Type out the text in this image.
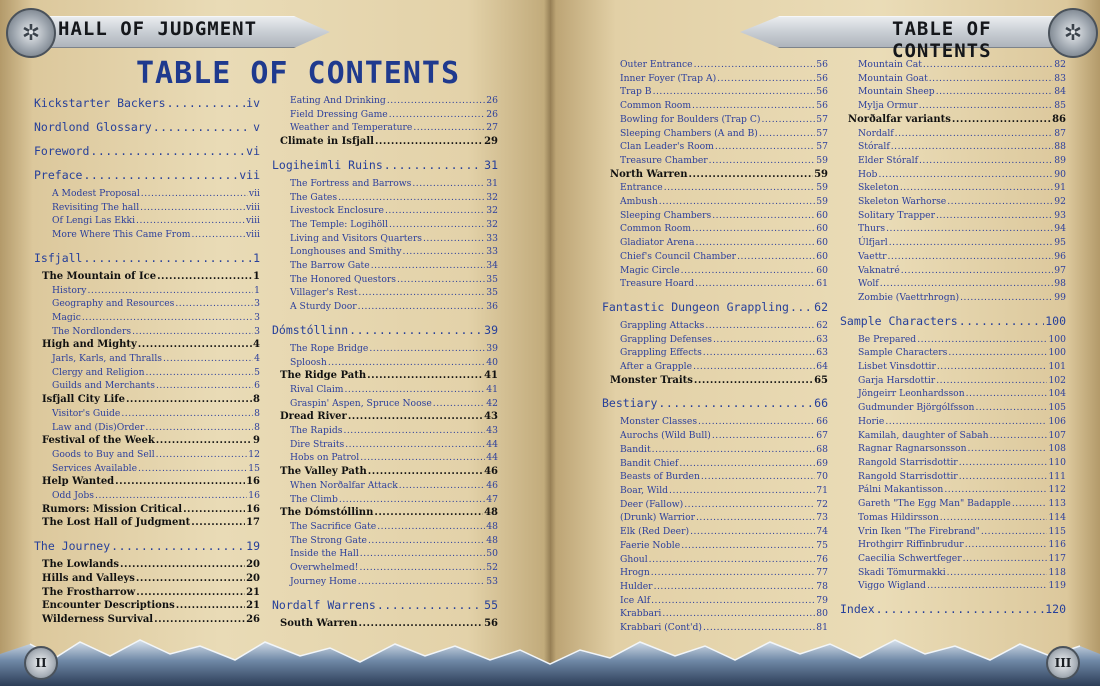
HALL OF JUDGMENT	TABLE OF CONTENTS
✲	✲
TABLE OF CONTENTS
Kickstarter Backers .....	iv
Nordlond Glossary .....	v
Foreword .....	vi
Preface .....	vii
A Modest Proposal .....	vii
Revisiting The hall .....	viii
Of Lengi Las Ekki .....	viii
More Where This Came From .....	viii
Isfjall .....	1
The Mountain of Ice .....	1
History .....	1
Geography and Resources .....	3
Magic .....	3
The Nordlonders .....	3
High and Mighty .....	4
Jarls, Karls, and Thralls .....	4
Clergy and Religion .....	5
Guilds and Merchants .....	6
Isfjall City Life .....	8
Visitor's Guide .....	8
Law and (Dis)Order .....	8
Festival of the Week .....	9
Goods to Buy and Sell .....	12
Services Available .....	15
Help Wanted .....	16
Odd Jobs .....	16
Rumors: Mission Critical .....	16
The Lost Hall of Judgment .....	17
The Journey .....	19
The Lowlands .....	20
Hills and Valleys .....	20
The Frostharrow .....	21
Encounter Descriptions .....	21
Wilderness Survival .....	26
Eating And Drinking .....	26
Field Dressing Game .....	26
Weather and Temperature .....	27
Climate in Isfjall .....	29
Logiheimli Ruins .....	31
The Fortress and Barrows .....	31
The Gates .....	32
Livestock Enclosure .....	32
The Temple: Logihöll .....	32
Living and Visitors Quarters .....	33
Longhouses and Smithy .....	33
The Barrow Gate .....	34
The Honored Questors .....	35
Villager's Rest .....	35
A Sturdy Door .....	36
Dómstóllinn .....	39
The Rope Bridge .....	39
Sploosh .....	40
The Ridge Path .....	41
Rival Claim .....	41
Graspin' Aspen, Spruce Noose .....	42
Dread River .....	43
The Rapids .....	43
Dire Straits .....	44
Hobs on Patrol .....	44
The Valley Path .....	46
When Norðalfar Attack .....	46
The Climb .....	47
The Dómstóllinn .....	48
The Sacrifice Gate .....	48
The Strong Gate .....	48
Inside the Hall .....	50
Overwhelmed! .....	52
Journey Home .....	53
Nordalf Warrens .....	55
South Warren .....	56
Outer Entrance .....	56
Inner Foyer (Trap A) .....	56
Trap B .....	56
Common Room .....	56
Bowling for Boulders (Trap C) .....	57
Sleeping Chambers (A and B) .....	57
Clan Leader's Room .....	57
Treasure Chamber .....	59
North Warren .....	59
Entrance .....	59
Ambush .....	59
Sleeping Chambers .....	60
Common Room .....	60
Gladiator Arena .....	60
Chief's Council Chamber .....	60
Magic Circle .....	60
Treasure Hoard .....	61
Fantastic Dungeon Grappling ..... 62
Grappling Attacks .....	62
Grappling Defenses .....	63
Grappling Effects .....	63
After a Grapple .....	64
Monster Traits .....	65
Bestiary .....	66
Monster Classes .....	66
Aurochs (Wild Bull) .....	67
Bandit .....	68
Bandit Chief .....	69
Beasts of Burden .....	70
Boar, Wild .....	71
Deer (Fallow) .....	72
(Drunk) Warrior .....	73
Elk (Red Deer) .....	74
Faerie Noble .....	75
Ghoul .....	76
Hrogn .....	77
Hulder .....	78
Ice Alf .....	79
Krabbari .....	80
Krabbari (Cont'd) .....	81
Mountain Cat .....	82
Mountain Goat .....	83
Mountain Sheep .....	84
Mylja Ormur .....	85
Norðalfar variants .....	86
Nordalf .....	87
Stóralf .....	88
Elder Stóralf .....	89
Hob .....	90
Skeleton .....	91
Skeleton Warhorse .....	92
Solitary Trapper .....	93
Thurs .....	94
Úlfjarl .....	95
Vaettr .....	96
Vaknatré .....	97
Wolf .....	98
Zombie (Vaettrhrogn) .....	99
Sample Characters .....	100
Be Prepared .....	100
Sample Characters .....	100
Lisbet Vinsdottir .....	101
Garja Harsdottir .....	102
Jöngeirr Leonhardsson .....	104
Gudmunder Björgólfsson .....	105
Horie .....	106
Kamilah, daughter of Sabah .....	107
Ragnar Ragnarsonsson .....	108
Rangold Starrisdottir .....	110
Rangold Starrisdottir .....	111
Pálni Makantisson .....	112
Gareth "The Egg Man" Badapple .....	113
Tomas Hildirsson .....	114
Vrin Iken "The Firebrand" .....	115
Hrothgirr Riffinbrudur .....	116
Caecilia Schwertfeger .....	117
Skadi Tömurmakki .....	118
Viggo Wigland .....	119
Index .....	120
II	III
